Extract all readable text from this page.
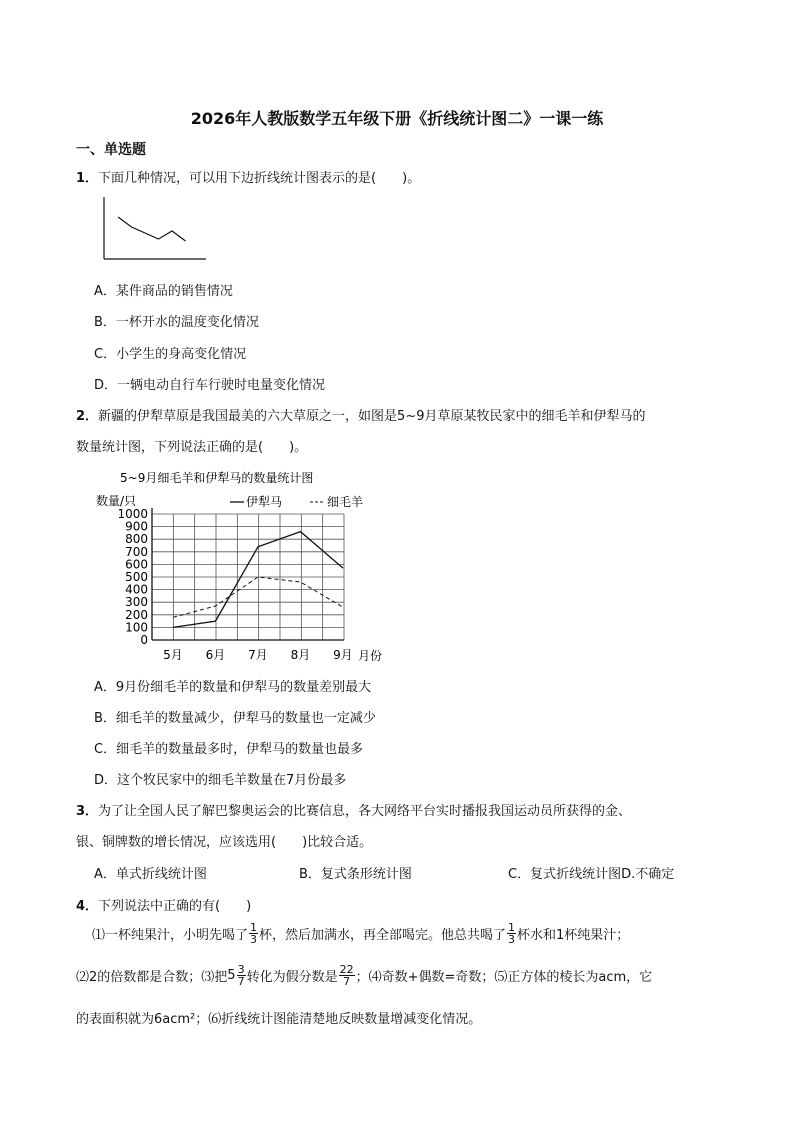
2026年人教版数学五年级下册《折线统计图二》一课一练
一、单选题
1．下面几种情况，可以用下边折线统计图表示的是(　　)。
A．某件商品的销售情况
B．一杯开水的温度变化情况
C．小学生的身高变化情况
D．一辆电动自行车行驶时电量变化情况
2．新疆的伊犁草原是我国最美的六大草原之一，如图是5~9月草原某牧民家中的细毛羊和伊犁马的
数量统计图，下列说法正确的是(　　)。
5~9月细毛羊和伊犁马的数量统计图
数量/只	伊犁马	细毛羊
0
100
200
300
400
500
600
700
800
900
1000
5月 6月 7月 8月 9月 月份
A．9月份细毛羊的数量和伊犁马的数量差别最大
B．细毛羊的数量减少，伊犁马的数量也一定减少
C．细毛羊的数量最多时，伊犁马的数量也最多
D．这个牧民家中的细毛羊数量在7月份最多
3．为了让全国人民了解巴黎奥运会的比赛信息，各大网络平台实时播报我国运动员所获得的金、
银、铜牌数的增长情况，应该选用(　　)比较合适。
A．单式折线统计图	B．复式条形统计图	C．复式折线统计图D.不确定
4．下列说法中正确的有(　　)
⑴一杯纯果汁，小明先喝了 $\frac{1}{3}$ 杯，然后加满水，再全部喝完。他总共喝了 $\frac{1}{3}$ 杯水和1杯纯果汁；
⑵2的倍数都是合数；⑶把 $5 \frac{3}{7}$ 转化为假分数是 $\frac{22}{7}$ ；⑷奇数+偶数=奇数；⑸正方体的棱长为acm，它
的表面积就为6acm²；⑹折线统计图能清楚地反映数量增减变化情况。
